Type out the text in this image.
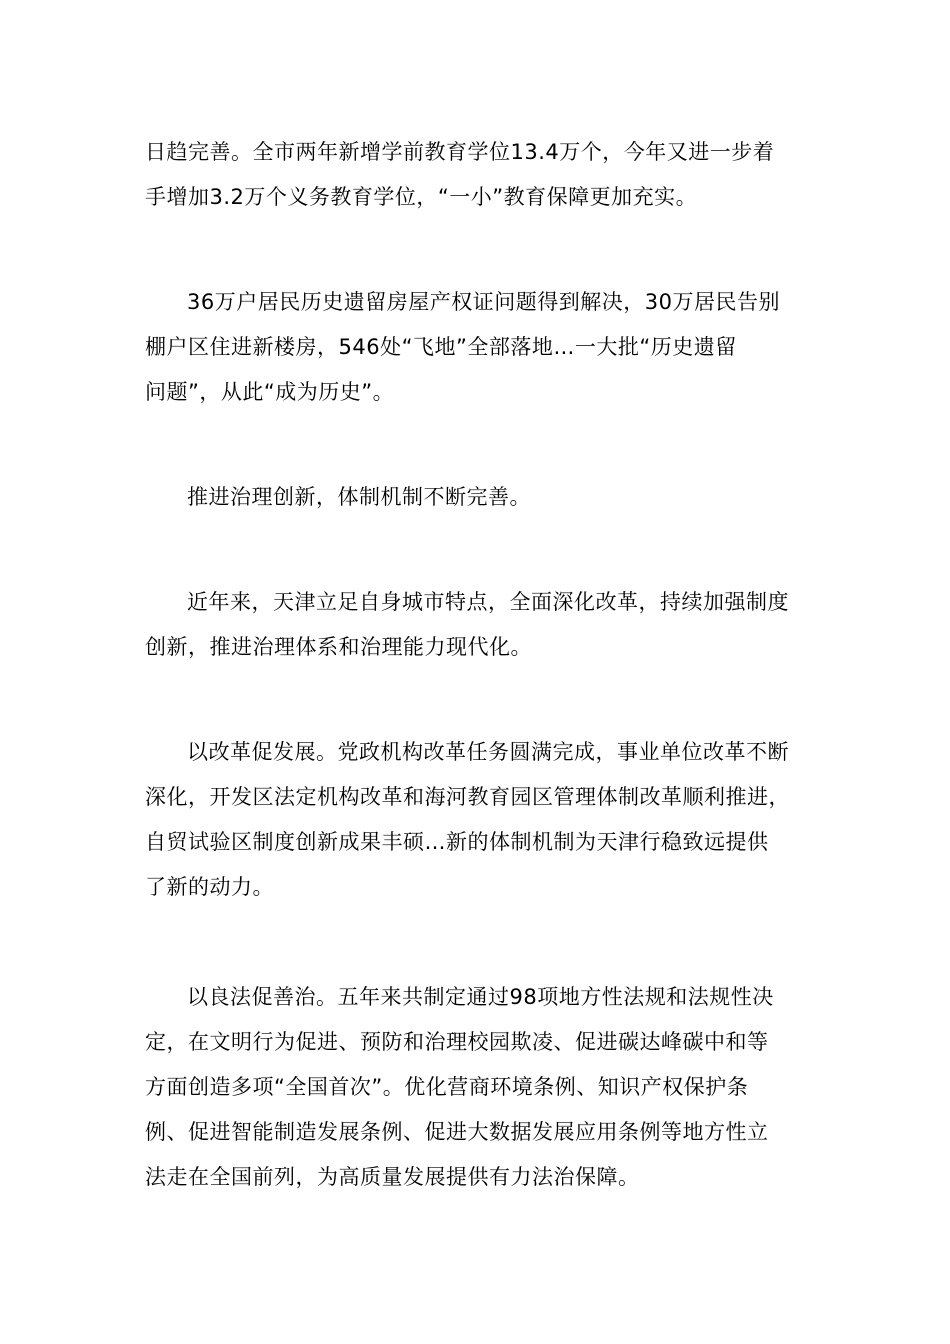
日趋完善。全市两年新增学前教育学位13.4万个，今年又进一步着
手增加3.2万个义务教育学位，“一小”教育保障更加充实。

36万户居民历史遗留房屋产权证问题得到解决，30万居民告别
棚户区住进新楼房，546处“飞地”全部落地…一大批“历史遗留
问题”，从此“成为历史”。

推进治理创新，体制机制不断完善。

近年来，天津立足自身城市特点，全面深化改革，持续加强制度
创新，推进治理体系和治理能力现代化。

以改革促发展。党政机构改革任务圆满完成，事业单位改革不断
深化，开发区法定机构改革和海河教育园区管理体制改革顺利推进，
自贸试验区制度创新成果丰硕…新的体制机制为天津行稳致远提供
了新的动力。

以良法促善治。五年来共制定通过98项地方性法规和法规性决
定，在文明行为促进、预防和治理校园欺凌、促进碳达峰碳中和等
方面创造多项“全国首次”。优化营商环境条例、知识产权保护条
例、促进智能制造发展条例、促进大数据发展应用条例等地方性立
法走在全国前列，为高质量发展提供有力法治保障。
